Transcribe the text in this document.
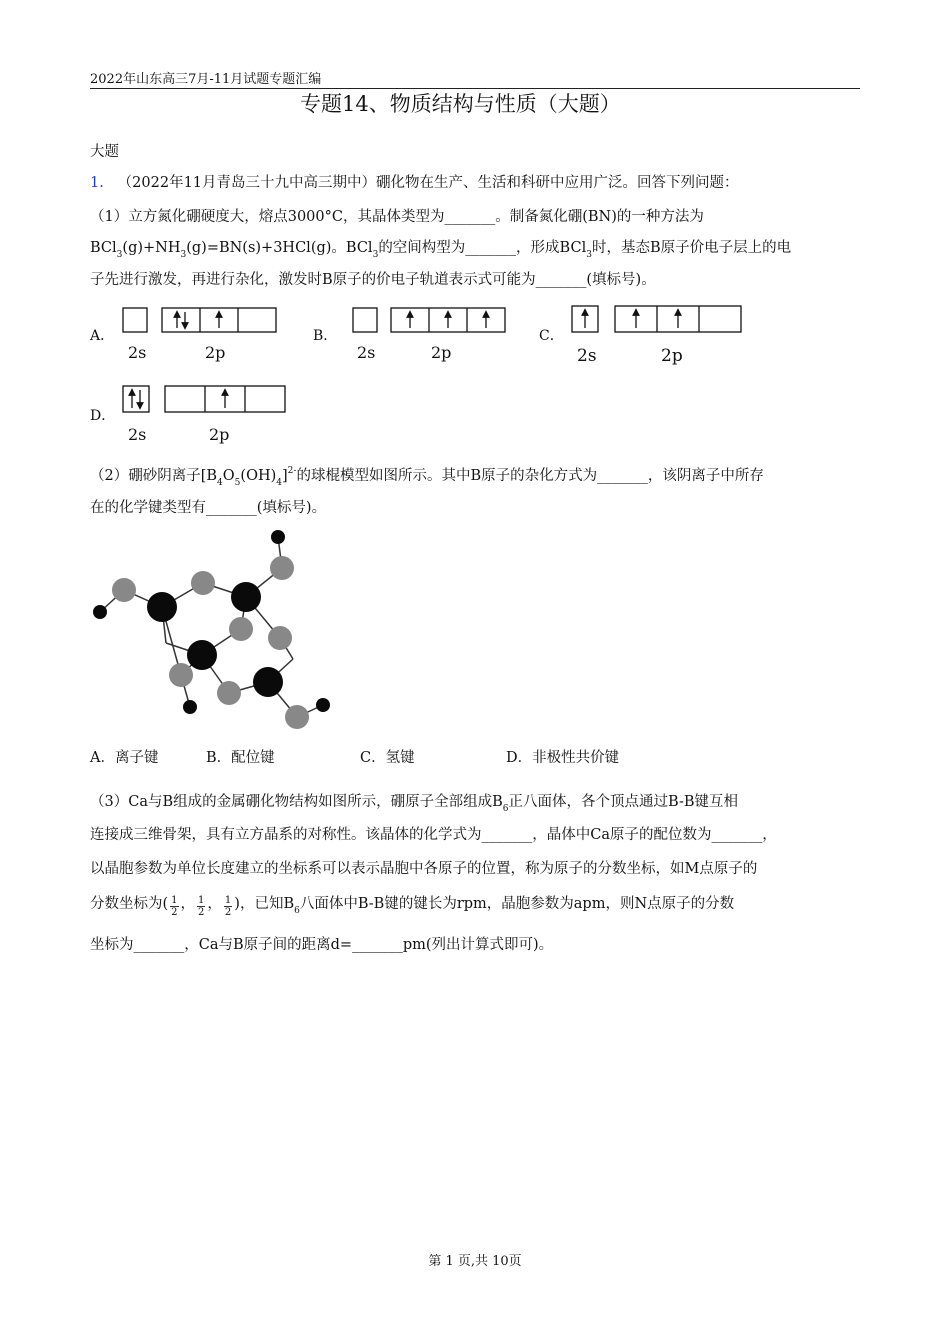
2022年山东高三7月-11月试题专题汇编
专题14、物质结构与性质（大题）
大题
1. （2022年11月青岛三十九中高三期中）硼化物在生产、生活和科研中应用广泛。回答下列问题：
（1）立方氮化硼硬度大，熔点3000°C，其晶体类型为_______。制备氮化硼(BN)的一种方法为
$BCl_3(g)+NH_3(g)=BN(s)+3HCl(g)$。BCl$_3$的空间构型为_______，形成BCl$_3$时，基态B原子价电子层上的电
子先进行激发，再进行杂化，激发时B原子的价电子轨道表示式可能为_______(填标号)。
A．
2s	2p
B．
2s	2p
C．
2s	2p
D．
2s	2p
（2）硼砂阴离子$[B_4O_5(OH)_4]^{2-}$的球棍模型如图所示。其中B原子的杂化方式为_______，该阴离子中所存
在的化学键类型有_______(填标号)。
A．离子键	B．配位键	C．氢键	D．非极性共价键
（3）Ca与B组成的金属硼化物结构如图所示，硼原子全部组成$B_6$正八面体，各个顶点通过B-B键互相
连接成三维骨架，具有立方晶系的对称性。该晶体的化学式为_______，晶体中Ca原子的配位数为_______，
以晶胞参数为单位长度建立的坐标系可以表示晶胞中各原子的位置，称为原子的分数坐标，如M点原子的
分数坐标为( $\frac{1}{2}$ ， $\frac{1}{2}$ ， $\frac{1}{2}$ )，已知$B_6$八面体中B-B键的键长为rpm，晶胞参数为apm，则N点原子的分数
坐标为_______，Ca与B原子间的距离d=_______pm(列出计算式即可)。
第 1 页,共 10页
